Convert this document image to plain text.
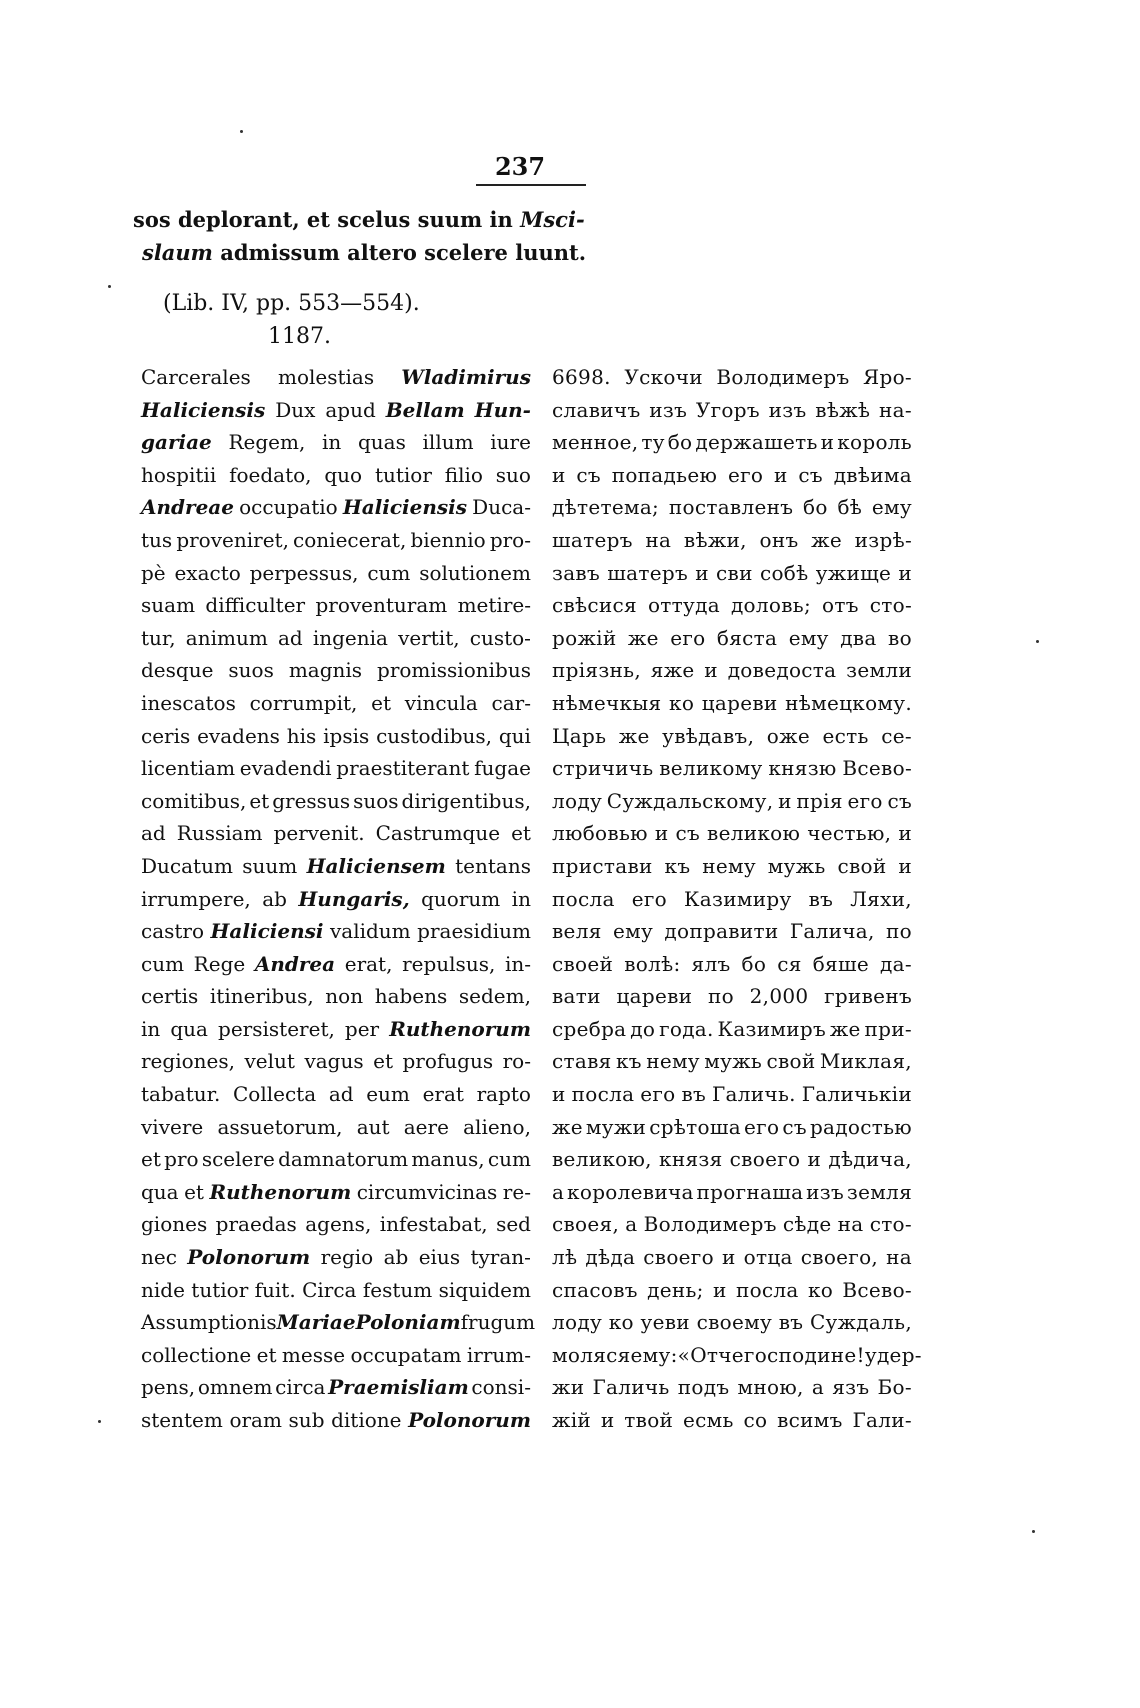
237
sos deplorant, et scelus suum in Msci-
slaum admissum altero scelere luunt.
(Lib. IV, pp. 553—554).
1187.
Carcerales molestias Wladimirus
Haliciensis Dux apud Bellam Hun-
gariae Regem, in quas illum iure
hospitii foedato, quo tutior filio suo
Andreae occupatio Haliciensis Duca-
tus proveniret, coniecerat, biennio pro-
pè exacto perpessus, cum solutionem
suam difficulter proventuram metire-
tur, animum ad ingenia vertit, custo-
desque suos magnis promissionibus
inescatos corrumpit, et vincula car-
ceris evadens his ipsis custodibus, qui
licentiam evadendi praestiterant fugae
comitibus, et gressus suos dirigentibus,
ad Russiam pervenit. Castrumque et
Ducatum suum Haliciensem tentans
irrumpere, ab Hungaris, quorum in
castro Haliciensi validum praesidium
cum Rege Andrea erat, repulsus, in-
certis itineribus, non habens sedem,
in qua persisteret, per Ruthenorum
regiones, velut vagus et profugus ro-
tabatur. Collecta ad eum erat rapto
vivere assuetorum, aut aere alieno,
et pro scelere damnatorum manus, cum
qua et Ruthenorum circumvicinas re-
giones praedas agens, infestabat, sed
nec Polonorum regio ab eius tyran-
nide tutior fuit. Circa festum siquidem
Assumptionis Mariae Poloniam frugum
collectione et messe occupatam irrum-
pens, omnem circa Praemisliam consi-
stentem oram sub ditione Polonorum
6698. Ускочи Володимеръ Яро-
славичъ изъ Угоръ изъ вѣжѣ на-
менное, ту бо держашеть и король
и съ попадьею его и съ двѣима
дѣтетема; поставленъ бо бѣ ему
шатеръ на вѣжи, онъ же изрѣ-
завъ шатеръ и сви собѣ ужище и
свѣсися оттуда доловь; отъ сто-
рожій же его бяста ему два во
пріязнь, яже и доведоста земли
нѣмечкыя ко цареви нѣмецкому.
Царь же увѣдавъ, оже есть се-
стричичь великому князю Всево-
лоду Суждальскому, и прія его съ
любовью и съ великою честью, и
пристави къ нему мужь свой и
посла его Казимиру въ Ляхи,
веля ему доправити Галича, по
своей волѣ: ялъ бо ся бяше да-
вати цареви по 2,000 гривенъ
сребра до года. Казимиръ же при-
ставя къ нему мужь свой Миклая,
и посла его въ Галичь. Галичькіи
же мужи срѣтоша его съ радостью
великою, князя своего и дѣдича,
а королевича прогнаша изъ земля
своея, а Володимеръ сѣде на сто-
лѣ дѣда своего и отца своего, на
спасовъ день; и посла ко Всево-
лоду ко уеви своему въ Суждаль,
моляся ему: «Отче господине! удер-
жи Галичь подъ мною, а язъ Бо-
жій и твой есмь со всимъ Гали-
